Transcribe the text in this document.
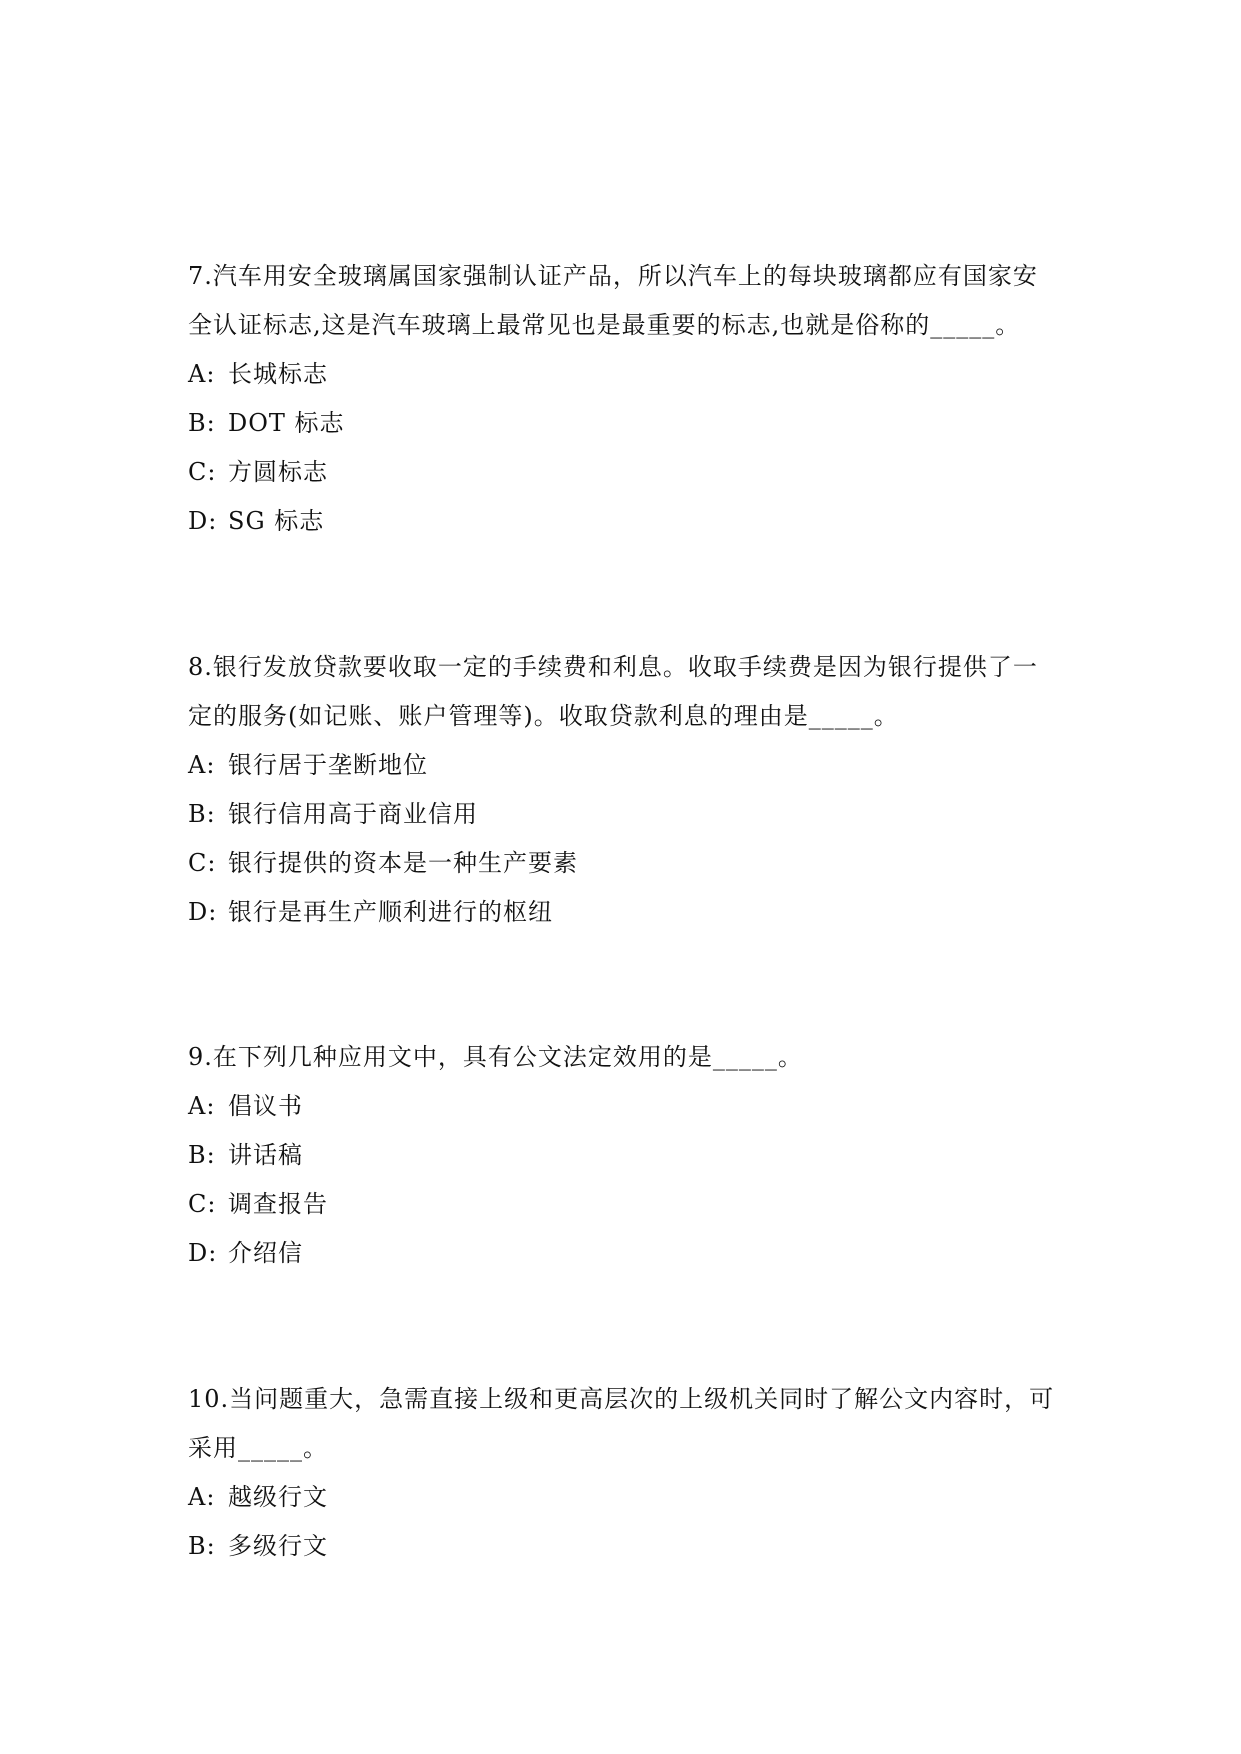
7.汽车用安全玻璃属国家强制认证产品，所以汽车上的每块玻璃都应有国家安全认证标志,这是汽车玻璃上最常见也是最重要的标志,也就是俗称的_____。

A: 长城标志

B: DOT 标志

C: 方圆标志

D: SG 标志

8.银行发放贷款要收取一定的手续费和利息。收取手续费是因为银行提供了一定的服务(如记账、账户管理等)。收取贷款利息的理由是_____。

A: 银行居于垄断地位

B: 银行信用高于商业信用

C: 银行提供的资本是一种生产要素

D: 银行是再生产顺利进行的枢纽

9.在下列几种应用文中，具有公文法定效用的是_____。

A: 倡议书

B: 讲话稿

C: 调查报告

D: 介绍信

10.当问题重大，急需直接上级和更高层次的上级机关同时了解公文内容时，可采用_____。

A: 越级行文

B: 多级行文
